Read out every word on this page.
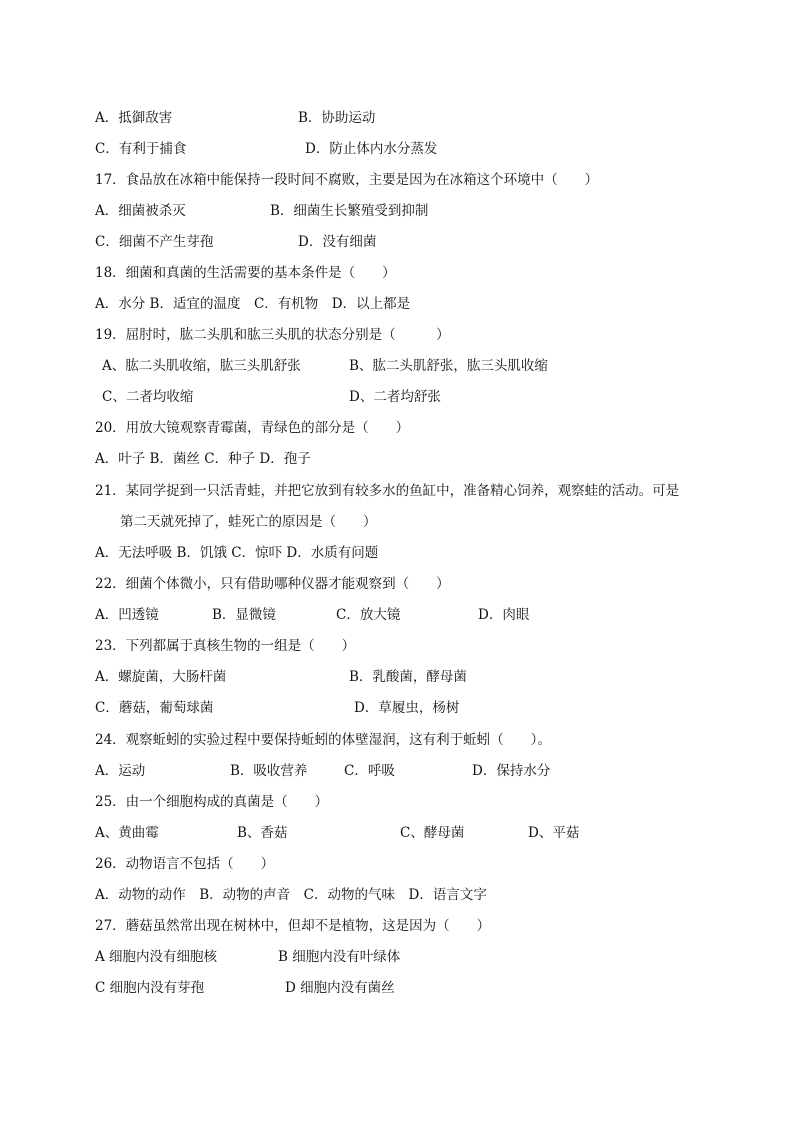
A．抵御敌害	B．协助运动
C．有利于捕食	D．防止体内水分蒸发
17．食品放在冰箱中能保持一段时间不腐败，主要是因为在冰箱这个环境中（　　）
A．细菌被杀灭	B．细菌生长繁殖受到抑制
C．细菌不产生芽孢	D．没有细菌
18．细菌和真菌的生活需要的基本条件是（　　）
A．水分 B．适宜的温度　C．有机物　D．以上都是
19．屈肘时，肱二头肌和肱三头肌的状态分别是（　　　）
A、肱二头肌收缩，肱三头肌舒张	B、肱二头肌舒张，肱三头肌收缩
C、二者均收缩	D、二者均舒张
20．用放大镜观察青霉菌，青绿色的部分是（　　）
A．叶子 B．菌丝 C．种子 D．孢子
21．某同学捉到一只活青蛙，并把它放到有较多水的鱼缸中，准备精心饲养，观察蛙的活动。可是
第二天就死掉了，蛙死亡的原因是（　　）
A．无法呼吸 B．饥饿 C．惊吓 D．水质有问题
22．细菌个体微小，只有借助哪种仪器才能观察到（　　）
A．凹透镜	B．显微镜	C．放大镜	D．肉眼
23．下列都属于真核生物的一组是（　　）
A．螺旋菌，大肠杆菌	B．乳酸菌，酵母菌
C．蘑菇，葡萄球菌	D．草履虫，杨树
24．观察蚯蚓的实验过程中要保持蚯蚓的体壁湿润，这有利于蚯蚓（　　）。
A．运动	B．吸收营养	C．呼吸	D．保持水分
25．由一个细胞构成的真菌是（　　）
A、黄曲霉	B、香菇	C、酵母菌	D、平菇
26．动物语言不包括（　　）
A．动物的动作　B．动物的声音　C．动物的气味　D．语言文字
27．蘑菇虽然常出现在树林中，但却不是植物，这是因为（　　）
A 细胞内没有细胞核	B 细胞内没有叶绿体
C 细胞内没有芽孢	D 细胞内没有菌丝
